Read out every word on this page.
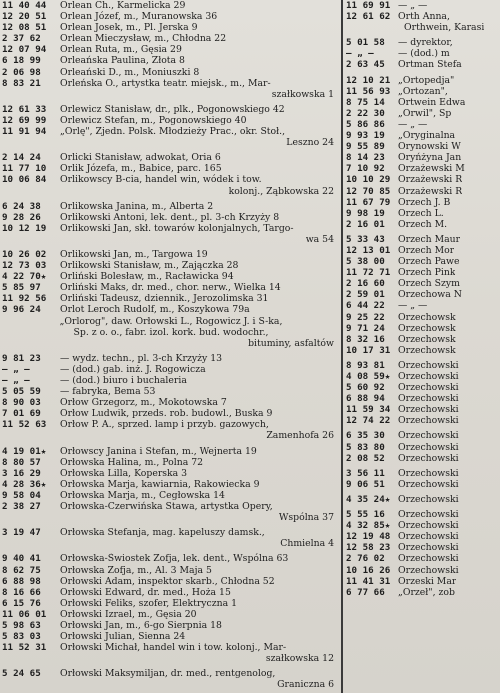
11 40 44	Orlean Ch., Karmelicka 29
12 20 51	Orlean Józef, m., Muranowska 36
12 08 51	Orlean Josek, m., Pl. Jerska 9
2 37 62	Orlean Mieczysław, m., Chłodna 22
12 07 94	Orlean Ruta, m., Gęsia 29
6 18 99	Orleańska Paulina, Złota 8
2 06 98	Orleański D., m., Moniuszki 8
8 83 21	Orleńska O., artystka teatr. miejsk., m., Mar-
szałkowska 1
12 61 33	Orlewicz Stanisław, dr., plk., Pogonowskiego 42
12 69 99	Orlewicz Stefan, m., Pogonowskiego 40
11 91 94	„Orlę", Zjedn. Polsk. Młodzieży Prac., okr. Stoł.,
Leszno 24
2 14 24	Orlicki Stanisław, adwokat, Oria 6
11 77 10	Orlik Józefa, m., Babice, parc. 165
10 06 84	Orlikowscy B-cia, handel win, wódek i tow.
kolonj., Ząbkowska 22
6 24 38	Orlikowska Janina, m., Alberta 2
9 28 26	Orlikowski Antoni, lek. dent., pl. 3-ch Krzyży 8
10 12 19	Orlikowski Jan, skł. towarów kolonjalnych, Targo-
wa 54
10 26 02	Orlikowski Jan, m., Targowa 19
12 73 03	Orlikowski Stanisław, m., Zajączka 28
4 22 70★	Orliński Bolesław, m., Racławicka 94
5 85 97	Orliński Maks, dr. med., chor. nerw., Wielka 14
11 92 56	Orliński Tadeusz, dziennik., Jerozolimska 31
9 96 24	Orlot Leroch Rudolf, m., Koszykowa 79a
„Orlorog", daw. Orłowski L., Rogowicz J. i S-ka,
Sp. z o. o., fabr. izol. kork. bud. wodochr.,
bituminy, asfaltów
9 81 23	— wydz. techn., pl. 3-ch Krzyży 13
— „ —	— (dod.) gab. inż. J. Rogowicza
— „ —	— (dod.) biuro i buchaleria
5 05 59	— fabryka, Bema 53
8 90 03	Orłow Grzegorz, m., Mokotowska 7
7 01 69	Orłow Ludwik, przeds. rob. budowl., Buska 9
11 52 63	Orłow P. A., sprzed. lamp i przyb. gazowych,
Zamenhofa 26
4 19 01★	Orłowscy Janina i Stefan, m., Wejnerta 19
8 80 57	Orłowska Halina, m., Polna 72
3 16 29	Orłowska Lilla, Koperska 3
4 28 36★	Orłowska Marja, kawiarnia, Rakowiecka 9
9 58 04	Orłowska Marja, m., Cegłowska 14
2 38 27	Orłowska-Czerwińska Stawa, artystka Opery,
Wspólna 37
3 19 47	Orłowska Stefanja, mag. kapeluszy damsk.,
Chmielna 4
9 40 41	Orłowska-Świostek Zofja, lek. dent., Wspólna 63
8 62 75	Orłowska Zofja, m., Al. 3 Maja 5
6 88 98	Orłowski Adam, inspektor skarb., Chłodna 52
8 16 66	Orłowski Edward, dr. med., Hoża 15
6 15 76	Orłowski Feliks, szofer, Elektryczna 1
11 06 01	Orłowski Izrael, m., Gęsia 20
5 98 63	Orłowski Jan, m., 6-go Sierpnia 18
5 83 03	Orłowski Julian, Sienna 24
11 52 31	Orłowski Michał, handel win i tow. kolonj., Mar-
szałkowska 12
5 24 65	Orłowski Maksymiljan, dr. med., rentgenolog,
Graniczna 6
11 69 91 — „ —
12 61 62 Orth Anna,
Orthwein, Karasi
5 01 58	— dyrektor,
— „ —	— (dod.) m
2 63 45	Ortman Stefa
12 10 21 „Ortopedja"
11 56 93 „Ortozan",
8 75 14	Ortwein Edwa
2 22 30	„Orwil", Sp
5 86 86	— „ —
9 93 19	„Oryginalna
9 55 89	Orynowski W
8 14 23	Oryńżyna Jan
7 10 92	Orzażewski M
10 10 29 Orzażewski R
12 70 85 Orzażewski R
11 67 79 Orzech J. B
9 98 19	Orzech L.
2 16 01	Orzech M.
5 33 43	Orzech Maur
12 13 01 Orzech Mor
5 38 00	Orzech Pawe
11 72 71 Orzech Pink
2 16 60	Orzech Szym
2 59 01	Orzechowa N
6 44 22	— „ —
9 25 22	Orzechowsk
9 71 24	Orzechowsk
8 32 16	Orzechowsk
10 17 31 Orzechowsk
8 93 81	Orzechowski
4 08 59★ Orzechowski
5 60 92	Orzechowski
6 88 94	Orzechowski
11 59 34 Orzechowski
12 74 22 Orzechowski
6 35 30	Orzechowski
5 83 80	Orzechowski
2 08 52	Orzechowski
3 56 11	Orzechowski
9 06 51	Orzechowski
4 35 24★ Orzechowski
5 55 16	Orzechowski
4 32 85★ Orzechowski
12 19 48 Orzechowski
12 58 23 Orzechowski
2 76 02	Orzechowski
10 16 26 Orzechowski
11 41 31 Orzeski Mar
6 77 66	„Orzeł", zob
